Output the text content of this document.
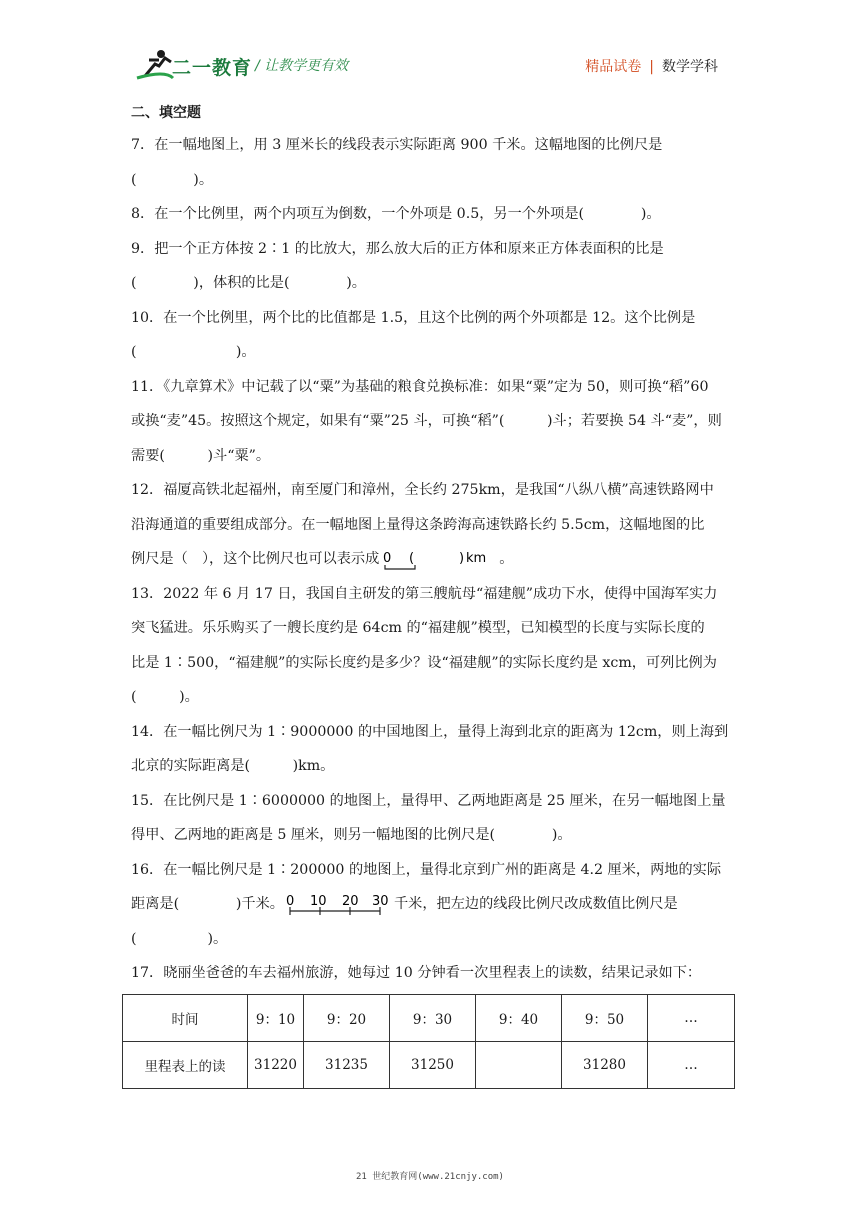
二一教育 / 让教学更有效	精品试卷 | 数学学科
二、填空题
7．在一幅地图上，用 3 厘米长的线段表示实际距离 900 千米。这幅地图的比例尺是
(　　　　)。
8．在一个比例里，两个内项互为倒数，一个外项是 0.5，另一个外项是(　　　　)。
9．把一个正方体按 2∶1 的比放大，那么放大后的正方体和原来正方体表面积的比是
(　　　　)，体积的比是(　　　　)。
10．在一个比例里，两个比的比值都是 1.5，且这个比例的两个外项都是 12。这个比例是
(　　　　　　　)。
11．《九章算术》中记载了以“粟”为基础的粮食兑换标准：如果“粟”定为 50，则可换“稻”60
或换“麦”45。按照这个规定，如果有“粟”25 斗，可换“稻”(　　　)斗；若要换 54 斗“麦”，则
需要(　　　)斗“粟”。
12．福厦高铁北起福州，南至厦门和漳州，全长约 275km，是我国“八纵八横”高速铁路网中
沿海通道的重要组成部分。在一幅地图上量得这条跨海高速铁路长约 5.5cm，这幅地图的比
例尺是（　），这个比例尺也可以表示成 0 (	) km 。
13．2022 年 6 月 17 日，我国自主研发的第三艘航母“福建舰”成功下水，使得中国海军实力
突飞猛进。乐乐购买了一艘长度约是 64cm 的“福建舰”模型，已知模型的长度与实际长度的
比是 1∶500，“福建舰”的实际长度约是多少？设“福建舰”的实际长度约是 xcm，可列比例为
(　　　)。
14．在一幅比例尺为 1∶9000000 的中国地图上，量得上海到北京的距离为 12cm，则上海到
北京的实际距离是(　　　)km。
15．在比例尺是 1∶6000000 的地图上，量得甲、乙两地距离是 25 厘米，在另一幅地图上量
得甲、乙两地的距离是 5 厘米，则另一幅地图的比例尺是(　　　　)。
16．在一幅比例尺是 1∶200000 的地图上，量得北京到广州的距离是 4.2 厘米，两地的实际
距离是(　　　　)千米。 0 10 20 30 千米，把左边的线段比例尺改成数值比例尺是
(　　　　　)。
17．晓丽坐爸爸的车去福州旅游，她每过 10 分钟看一次里程表上的读数，结果记录如下：
时间	9：10	9：20	9：30	9：40	9：50	…
里程表上的读	31220	31235	31250		31280	…
21 世纪教育网(www.21cnjy.com)
